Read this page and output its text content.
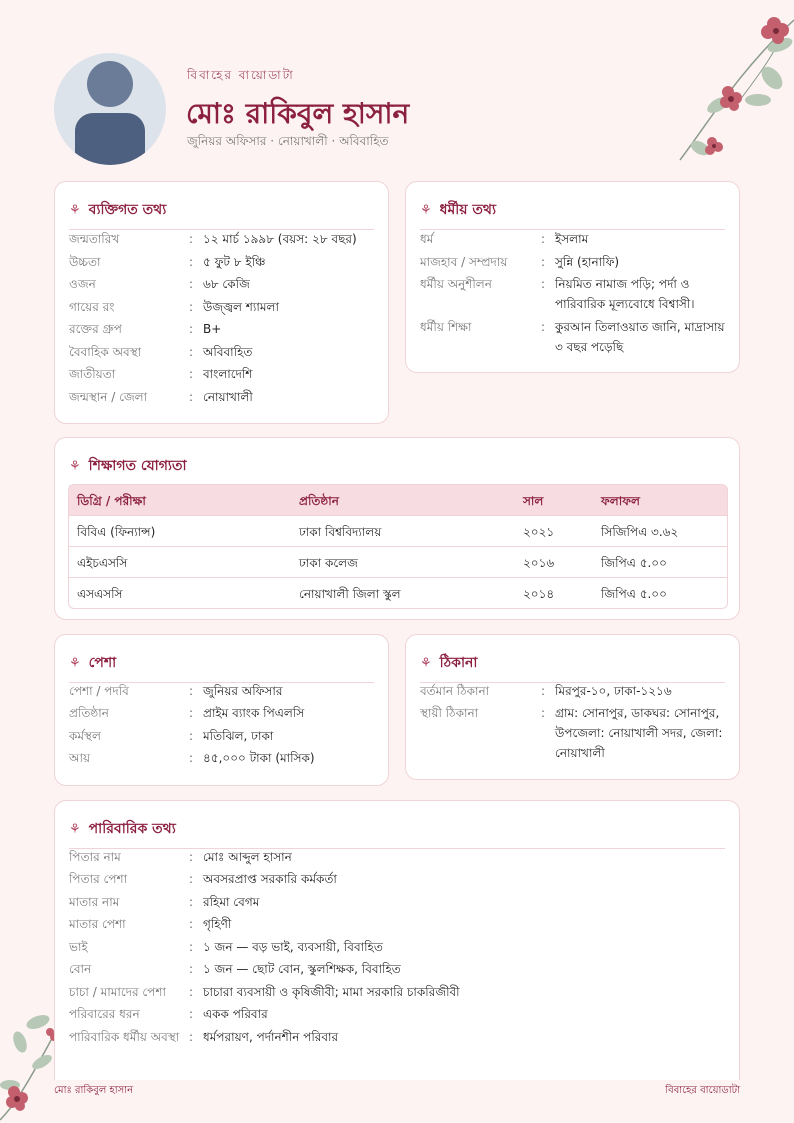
বিবাহের বায়োডাটা
মোঃ রাকিবুল হাসান
জুনিয়র অফিসার · নোয়াখালী · অবিবাহিত
⚘ ব্যক্তিগত তথ্য
জন্মতারিখ	: ১২ মার্চ ১৯৯৮ (বয়স: ২৮ বছর)
উচ্চতা	: ৫ ফুট ৮ ইঞ্চি
ওজন	: ৬৮ কেজি
গায়ের রং	: উজ্জ্বল শ্যামলা
রক্তের গ্রুপ	: B+
বৈবাহিক অবস্থা	: অবিবাহিত
জাতীয়তা	: বাংলাদেশি
জন্মস্থান / জেলা	: নোয়াখালী
⚘ ধর্মীয় তথ্য
ধর্ম	: ইসলাম
মাজহাব / সম্প্রদায়	: সুন্নি (হানাফি)
ধর্মীয় অনুশীলন	: নিয়মিত নামাজ পড়ি; পর্দা ও
পারিবারিক মূল্যবোধে বিশ্বাসী।
ধর্মীয় শিক্ষা	: কুরআন তিলাওয়াত জানি, মাদ্রাসায়
৩ বছর পড়েছি
⚘ শিক্ষাগত যোগ্যতা
ডিগ্রি / পরীক্ষা	প্রতিষ্ঠান	সাল	ফলাফল
বিবিএ (ফিন্যান্স)	ঢাকা বিশ্ববিদ্যালয়	২০২১	সিজিপিএ ৩.৬২
এইচএসসি	ঢাকা কলেজ	২০১৬	জিপিএ ৫.০০
এসএসসি	নোয়াখালী জিলা স্কুল	২০১৪	জিপিএ ৫.০০
⚘ পেশা
পেশা / পদবি	: জুনিয়র অফিসার
প্রতিষ্ঠান	: প্রাইম ব্যাংক পিএলসি
কর্মস্থল	: মতিঝিল, ঢাকা
আয়	: ৪৫,০০০ টাকা (মাসিক)
⚘ ঠিকানা
বর্তমান ঠিকানা	: মিরপুর-১০, ঢাকা-১২১৬
স্থায়ী ঠিকানা	: গ্রাম: সোনাপুর, ডাকঘর: সোনাপুর,
উপজেলা: নোয়াখালী সদর, জেলা:
নোয়াখালী
⚘ পারিবারিক তথ্য
পিতার নাম	: মোঃ আব্দুল হাসান
পিতার পেশা	: অবসরপ্রাপ্ত সরকারি কর্মকর্তা
মাতার নাম	: রহিমা বেগম
মাতার পেশা	: গৃহিণী
ভাই	: ১ জন — বড় ভাই, ব্যবসায়ী, বিবাহিত
বোন	: ১ জন — ছোট বোন, স্কুলশিক্ষক, বিবাহিত
চাচা / মামাদের পেশা : চাচারা ব্যবসায়ী ও কৃষিজীবী; মামা সরকারি চাকরিজীবী
পরিবারের ধরন	: একক পরিবার
পারিবারিক ধর্মীয় অবস্থা : ধর্মপরায়ণ, পর্দানশীন পরিবার
মোঃ রাকিবুল হাসান	বিবাহের বায়োডাটা
